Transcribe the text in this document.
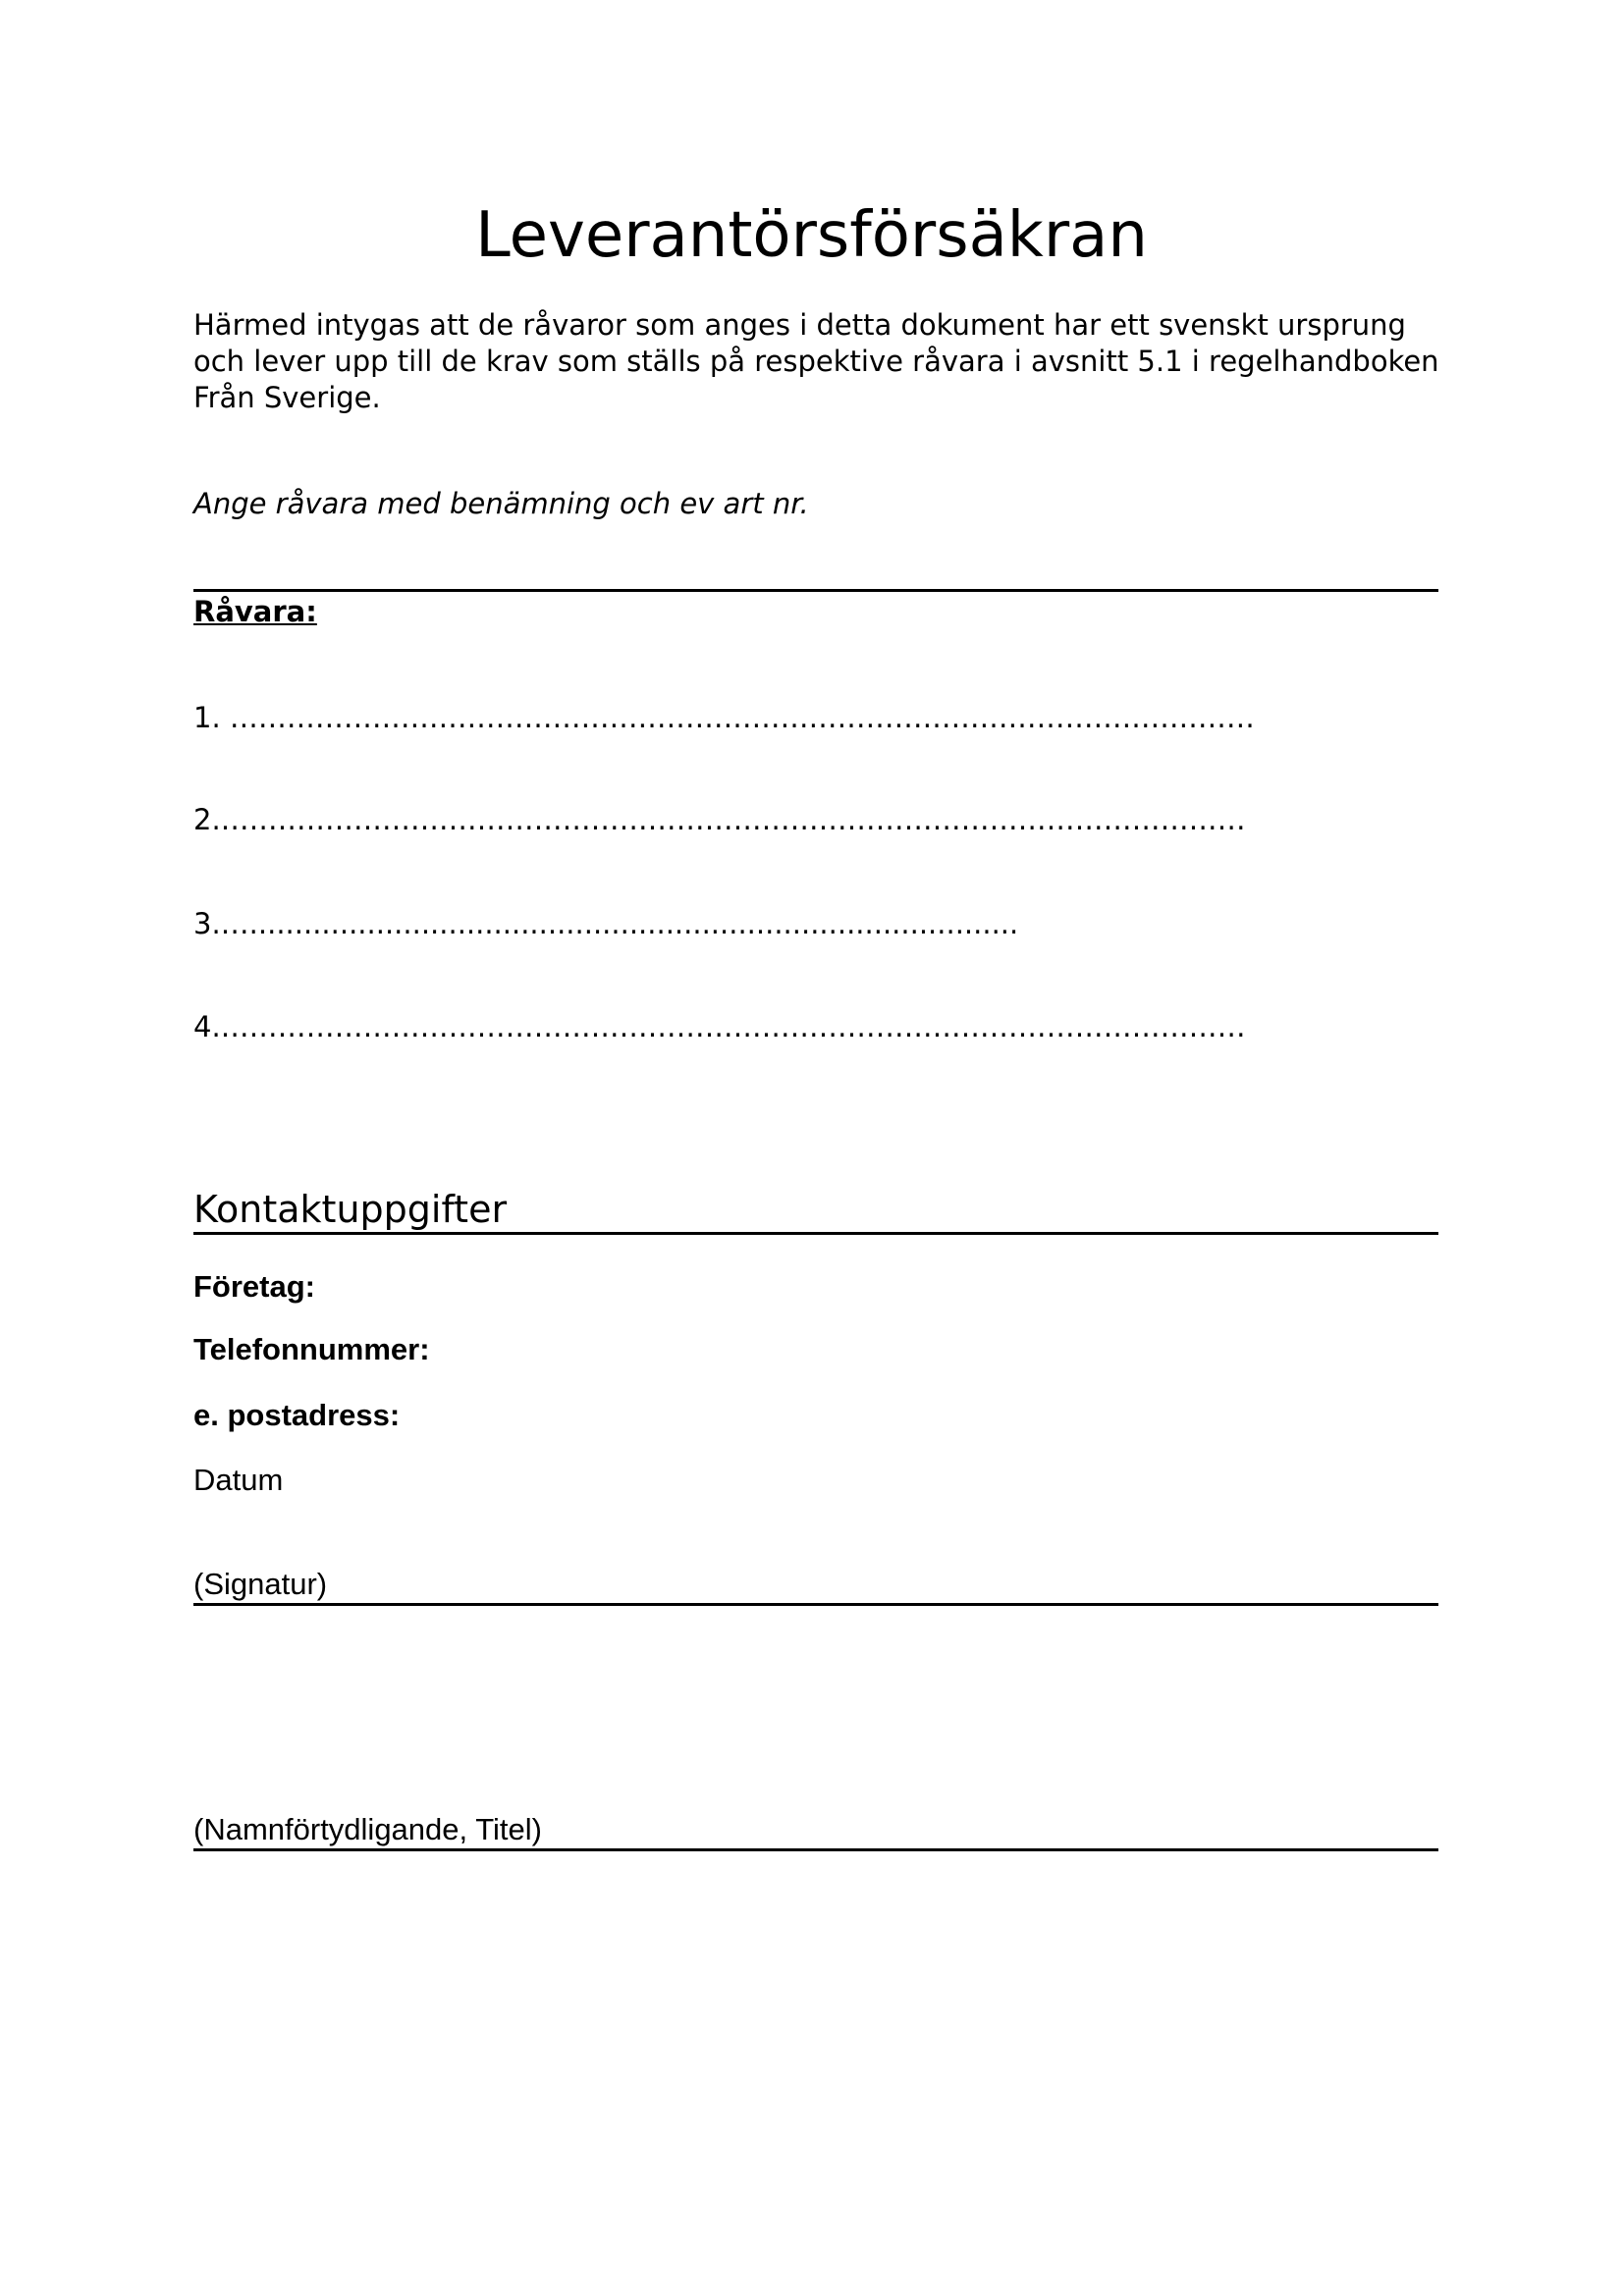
Leverantörsförsäkran

Härmed intygas att de råvaror som anges i detta dokument har ett svenskt ursprung och lever upp till de krav som ställs på respektive råvara i avsnitt 5.1 i regelhandboken Från Sverige.

Ange råvara med benämning och ev art nr.
Råvara:
1. ………………………………………………………………………………………………
2.………………………………………………………………………………………………
3.….....................................................................................
4.………………………………………………………………………………………………
Kontaktuppgifter
Företag:
Telefonnummer:
e. postadress:
Datum
(Signatur)
(Namnförtydligande, Titel)
